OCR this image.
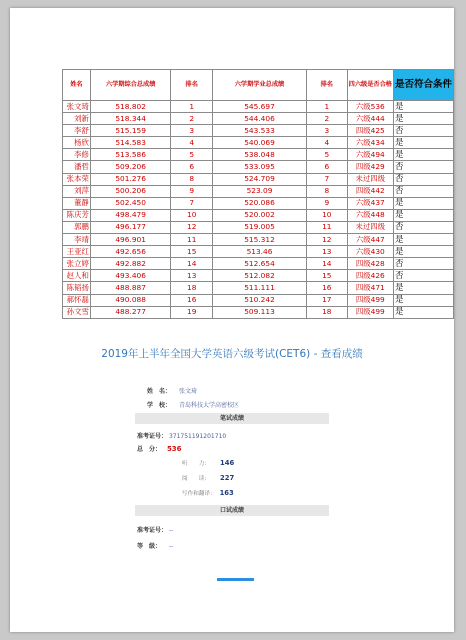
姓名	六学期综合总成绩	排名	六学期学业总成绩	排名	四六级是否合格	是否符合条件
张文琦	518.802	1	545.697	1	六级536	是
刘新	518.344	2	544.406	2	六级444	是
李舒	515.159	3	543.533	3	四级425	否
杨欣	514.583	4	540.069	4	六级434	是
李修	513.586	5	538.048	5	六级494	是
潘哲	509.206	6	533.095	6	四级429	否
张本荣	501.276	8	524.709	7	未过四级	否
刘萍	500.206	9	523.09	8	四级442	否
董静	502.450	7	520.086	9	六级437	是
陈庆芳	498.479	10	520.002	10	六级448	是
郭鹏	496.177	12	519.005	11	未过四级	否
李靖	496.901	11	515.312	12	六级447	是
王亚红	492.656	15	513.46	13	六级430	是
张立婷	492.882	14	512.654	14	四级428	否
赵人和	493.406	13	512.082	15	四级426	否
陈韬扬	488.887	18	511.111	16	四级471	是
郝怀磊	490.088	16	510.242	17	四级499	是
孙文雪	488.277	19	509.113	18	四级499	是
2019年上半年全国大学英语六级考试(CET6) - 查看成绩
姓　名： 张文琦
学　校： 青岛科技大学高密校区
笔试成绩
准考证号： 371751191201710
总　分： 536
听　　力： 146
阅　　读： 227
写作和翻译： 163
口试成绩
准考证号： --
等　级： --
